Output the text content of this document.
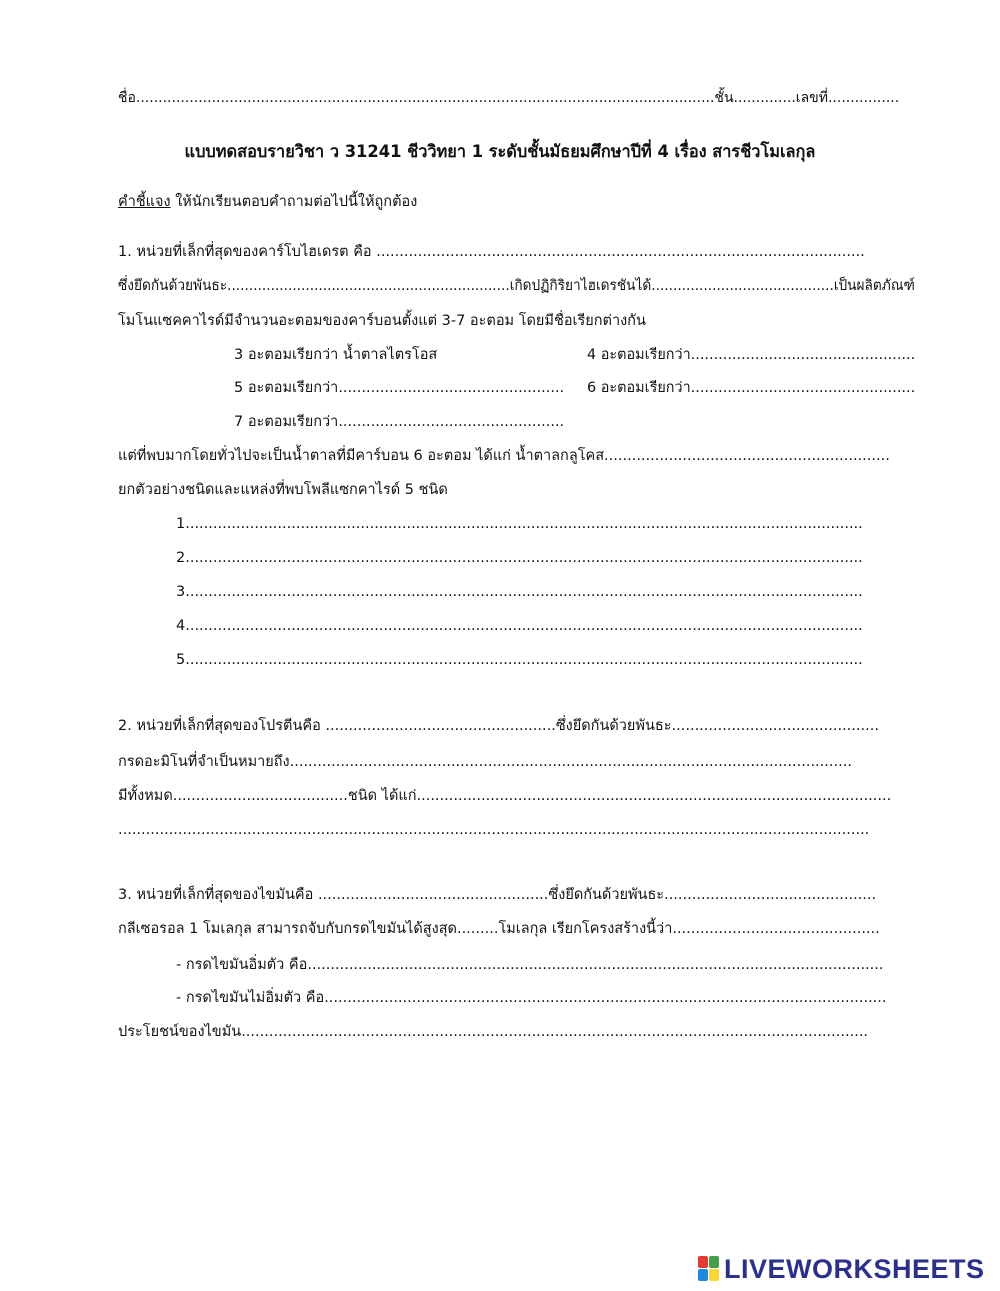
ชื่อ..................................................................................................................................ชั้น..............เลขที่................
แบบทดสอบรายวิชา ว 31241 ชีววิทยา 1 ระดับชั้นมัธยมศึกษาปีที่ 4 เรื่อง สารชีวโมเลกุล
คำชี้แจง ให้นักเรียนตอบคำถามต่อไปนี้ให้ถูกต้อง
1. หน่วยที่เล็กที่สุดของคาร์โบไฮเดรต คือ ..........................................................................................................
ซึ่งยึดกันด้วยพันธะ.................................................................เกิดปฏิกิริยาไฮเดรชันได้..........................................เป็นผลิตภัณฑ์
โมโนแซคคาไรด์มีจำนวนอะตอมของคาร์บอนตั้งแต่ 3-7 อะตอม โดยมีชื่อเรียกต่างกัน
3 อะตอมเรียกว่า น้ำตาลไตรโอส	4 อะตอมเรียกว่า.................................................
5 อะตอมเรียกว่า................................................. 6 อะตอมเรียกว่า.................................................
7 อะตอมเรียกว่า.................................................
แต่ที่พบมากโดยทั่วไปจะเป็นน้ำตาลที่มีคาร์บอน 6 อะตอม ได้แก่ น้ำตาลกลูโคส..............................................................
ยกตัวอย่างชนิดและแหล่งที่พบโพลีแซกคาไรด์ 5 ชนิด
1...................................................................................................................................................
2...................................................................................................................................................
3...................................................................................................................................................
4...................................................................................................................................................
5...................................................................................................................................................
2. หน่วยที่เล็กที่สุดของโปรตีนคือ ..................................................ซึ่งยึดกันด้วยพันธะ.............................................
กรดอะมิโนที่จำเป็นหมายถึง..........................................................................................................................
มีทั้งหมด......................................ชนิด ได้แก่.......................................................................................................
...................................................................................................................................................................
3. หน่วยที่เล็กที่สุดของไขมันคือ ..................................................ซึ่งยึดกันด้วยพันธะ..............................................
กลีเซอรอล 1 โมเลกุล สามารถจับกับกรดไขมันได้สูงสุด.........โมเลกุล เรียกโครงสร้างนี้ว่า.............................................
- กรดไขมันอิ่มตัว คือ.............................................................................................................................
- กรดไขมันไม่อิ่มตัว คือ..........................................................................................................................
ประโยชน์ของไขมัน........................................................................................................................................
LIVEWORKSHEETS
